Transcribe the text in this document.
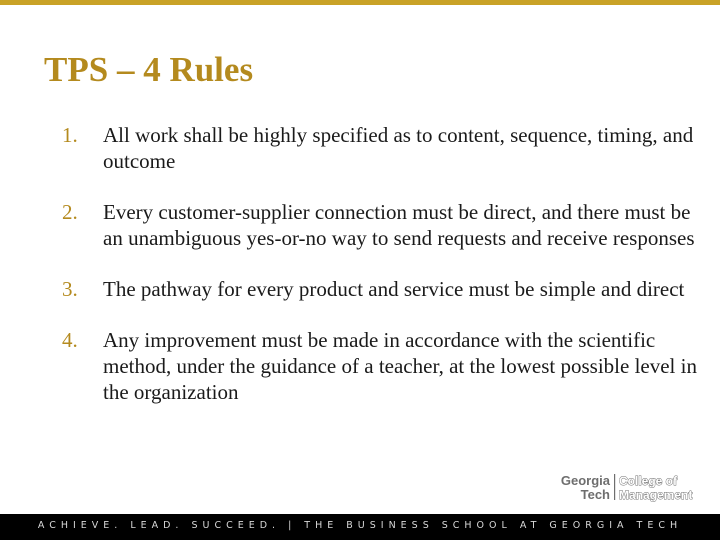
TPS – 4 Rules
1.	All work shall be highly specified as to content, sequence, timing, and outcome
2.	Every customer-supplier connection must be direct, and there must be an unambiguous yes-or-no way to send requests and receive responses
3.	The pathway for every product and service must be simple and direct
4.	Any improvement must be made in accordance with the scientific method, under the guidance of a teacher, at the lowest possible level in the organization
Georgia
Tech
College of
Management
ACHIEVE. LEAD. SUCCEED. | THE BUSINESS SCHOOL AT GEORGIA TECH
